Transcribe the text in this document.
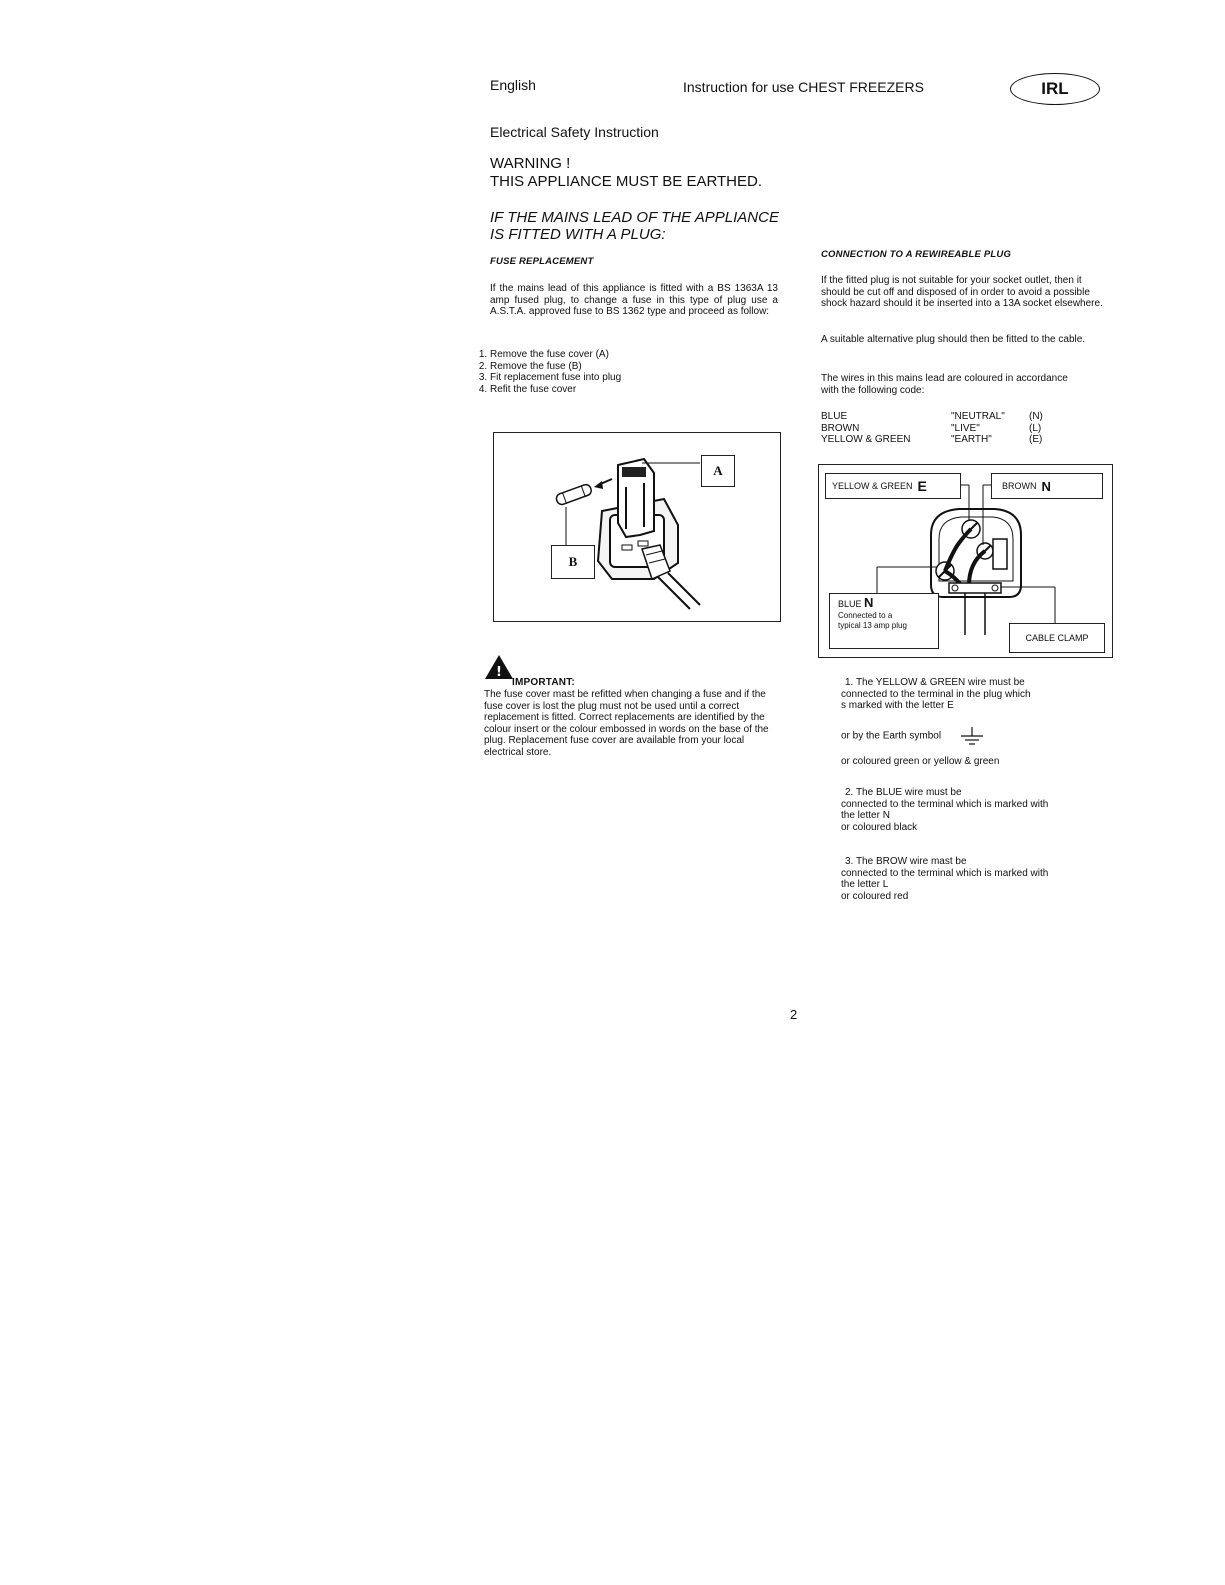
English	Instruction for use CHEST FREEZERS	IRL
Electrical Safety Instruction
WARNING !
THIS APPLIANCE MUST BE EARTHED.
IF THE MAINS LEAD OF THE APPLIANCE
IS FITTED WITH A PLUG:
FUSE REPLACEMENT
If the mains lead of this appliance is fitted with a BS 1363A 13 amp fused plug, to change a fuse in this type of plug use a A.S.T.A. approved fuse to BS 1362 type and proceed as follow:
1. Remove the fuse cover (A)
2. Remove the fuse (B)
3. Fit replacement fuse into plug
4. Refit the fuse cover
A
B
!
IMPORTANT:
The fuse cover mast be refitted when changing a fuse and if the fuse cover is lost the plug must not be used until a correct replacement is fitted. Correct replacements are identified by the colour insert or the colour embossed in words on the base of the plug. Replacement fuse cover are available from your local electrical store.
CONNECTION TO A REWIREABLE PLUG
If the fitted plug is not suitable for your socket outlet, then it should be cut off and disposed of in order to avoid a possible shock hazard should it be inserted into a 13A socket elsewhere.
A suitable alternative plug should then be fitted to the cable.
The wires in this mains lead are coloured in accordance with the following code:
BLUE	"NEUTRAL"	(N)
BROWN	"LIVE"	(L)
YELLOW & GREEN	"EARTH"	(E)
YELLOW & GREEN E	BROWN N
BLUE N
Connected to a
typical 13 amp plug
CABLE CLAMP

1. The YELLOW & GREEN wire must be

connected to the terminal in the plug which

s marked with the letter E

or by the Earth symbol

or coloured green or yellow & green

2. The BLUE wire must be

connected to the terminal which is marked with

the letter N

or coloured black

3. The BROW wire mast be

connected to the terminal which is marked with

the letter L

or coloured red

2
